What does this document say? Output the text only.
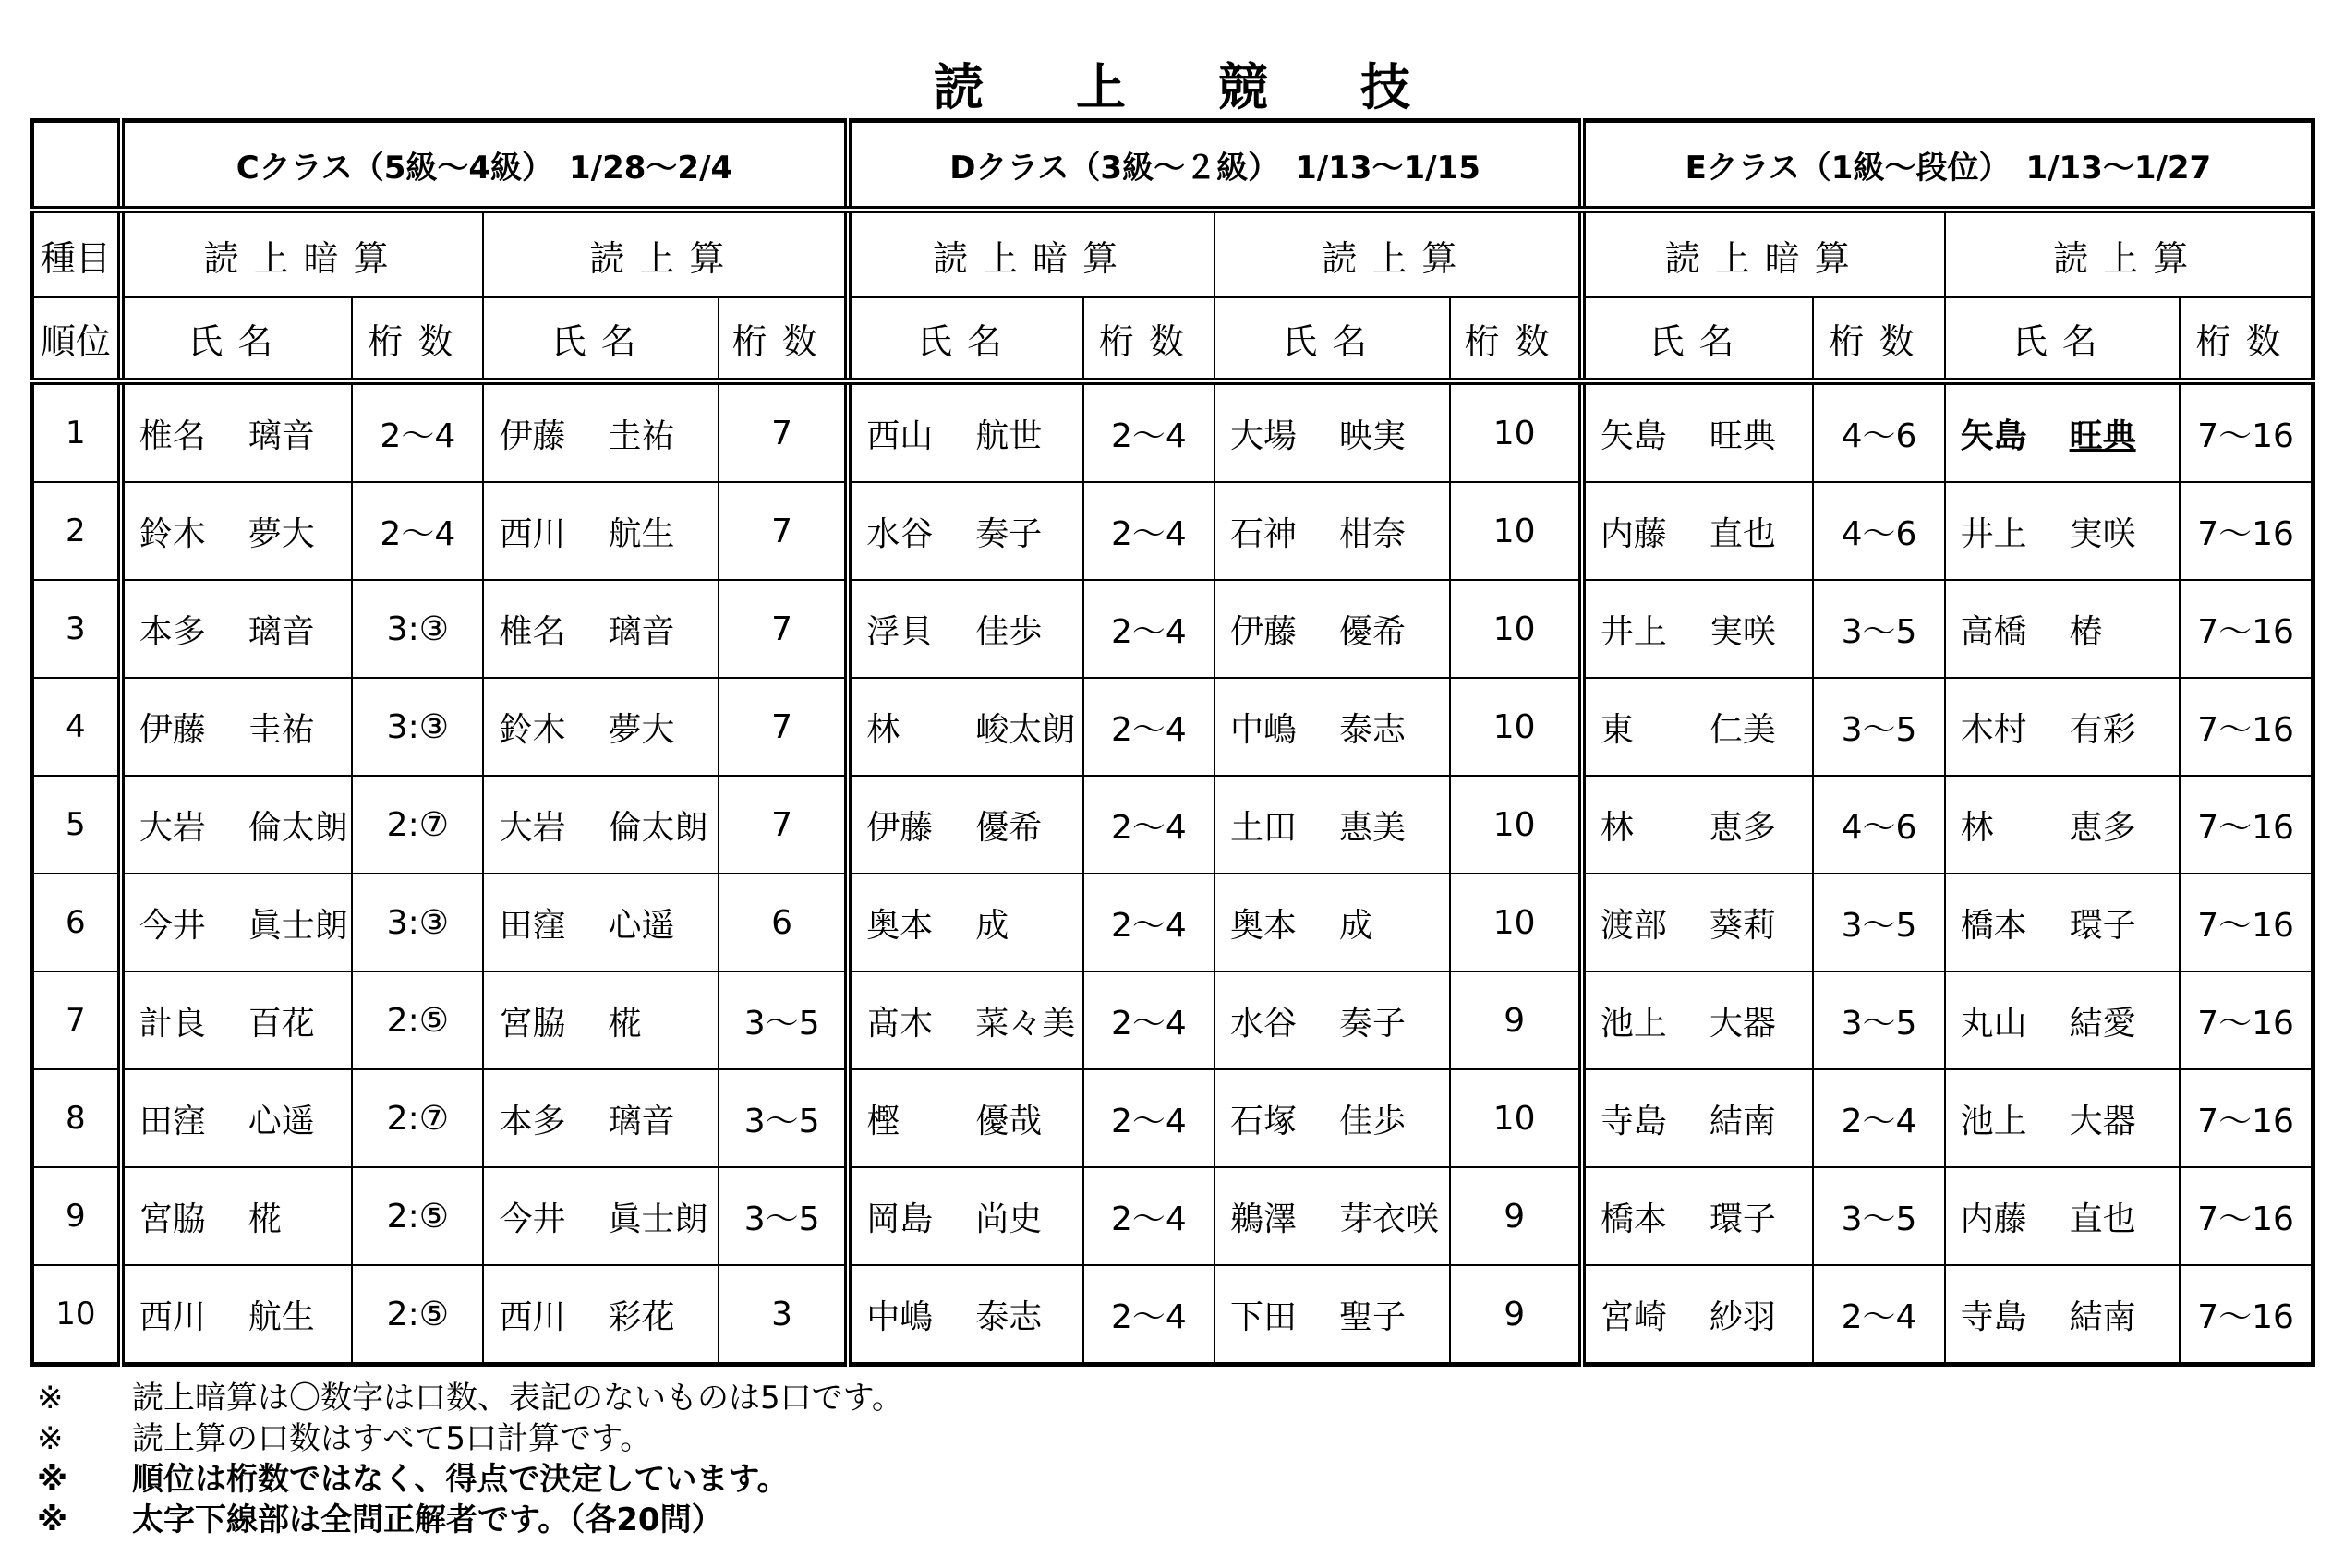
読上競技
	Cクラス（5級～4級）　1/28～2/4				Dクラス（3級～２級）　1/13～1/15				Eクラス（1級～段位）　1/13～1/27			
種目	読上暗算		読上算		読上暗算		読上算		読上暗算		読上算	
順位	氏名	桁数	氏名	桁数	氏名	桁数	氏名	桁数	氏名	桁数	氏名	桁数
1	椎名 璃音	2～4	伊藤 圭祐	7	西山 航世	2～4	大場 映実	10	矢島 旺典	4～6	矢島 旺典	7～16
2	鈴木 夢大	2～4	西川 航生	7	水谷 奏子	2～4	石神 柑奈	10	内藤 直也	4～6	井上 実咲	7～16
3	本多 璃音	3:③	椎名 璃音	7	浮貝 佳歩	2～4	伊藤 優希	10	井上 実咲	3～5	高橋 椿	7～16
4	伊藤 圭祐	3:③	鈴木 夢大	7	林 峻太朗	2～4	中嶋 泰志	10	東 仁美	3～5	木村 有彩	7～16
5	大岩 倫太朗	2:⑦	大岩 倫太朗	7	伊藤 優希	2～4	土田 惠美	10	林 恵多	4～6	林 恵多	7～16
6	今井 眞士朗	3:③	田窪 心遥	6	奥本 成	2～4	奥本 成	10	渡部 葵莉	3～5	橋本 環子	7～16
7	計良 百花	2:⑤	宮脇 椛	3～5	髙木 菜々美	2～4	水谷 奏子	9	池上 大器	3～5	丸山 結愛	7～16
8	田窪 心遥	2:⑦	本多 璃音	3～5	樫 優哉	2～4	石塚 佳歩	10	寺島 結南	2～4	池上 大器	7～16
9	宮脇 椛	2:⑤	今井 眞士朗	3～5	岡島 尚史	2～4	鵜澤 芽衣咲	9	橋本 環子	3～5	内藤 直也	7～16
10	西川 航生	2:⑤	西川 彩花	3	中嶋 泰志	2～4	下田 聖子	9	宮崎 紗羽	2～4	寺島 結南	7～16
※	読上暗算は〇数字は口数、表記のないものは5口です。
※	読上算の口数はすべて5口計算です。
※	順位は桁数ではなく、得点で決定しています。
※	太字下線部は全問正解者です。（各20問）
